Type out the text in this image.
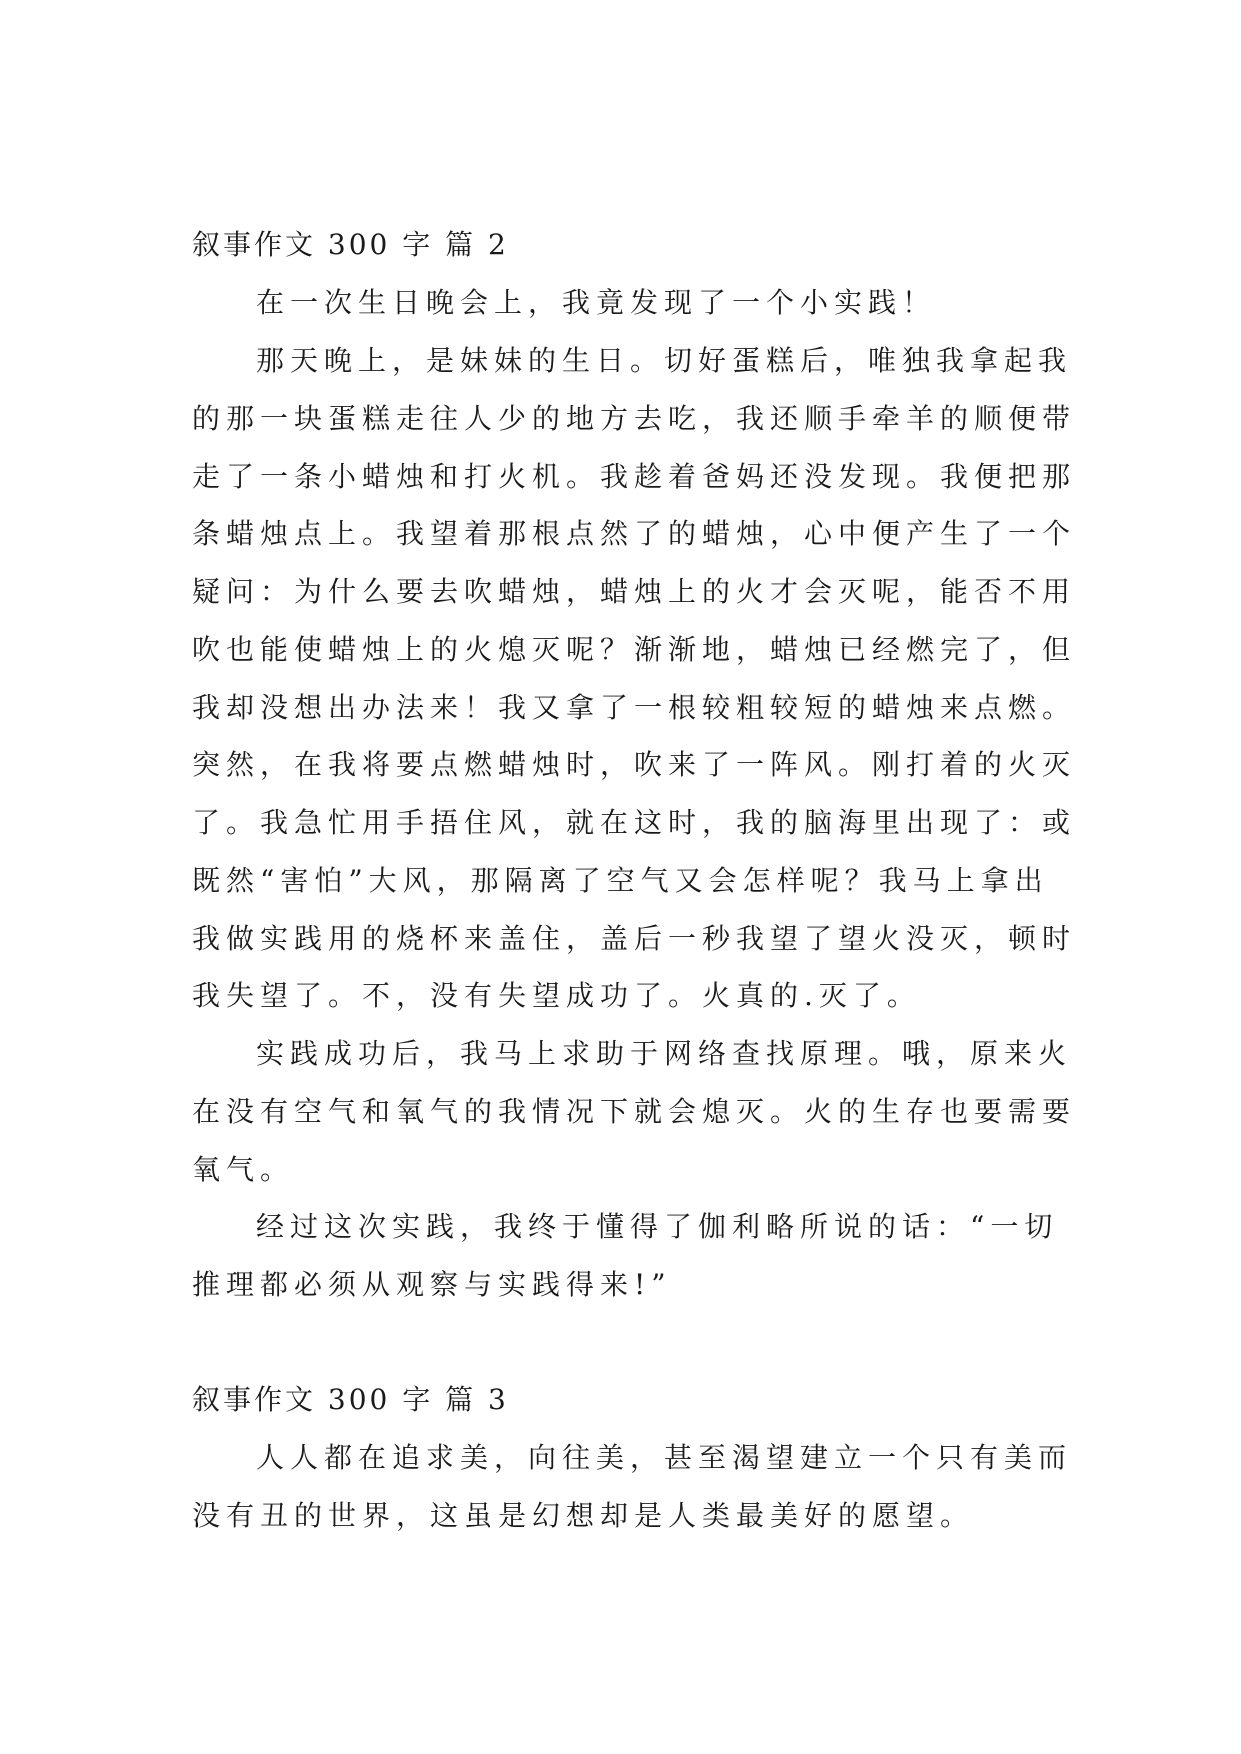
叙事作文 300 字 篇 2
在一次生日晚会上，我竟发现了一个小实践！
那天晚上，是妹妹的生日。切好蛋糕后，唯独我拿起我
的那一块蛋糕走往人少的地方去吃，我还顺手牵羊的顺便带
走了一条小蜡烛和打火机。我趁着爸妈还没发现。我便把那
条蜡烛点上。我望着那根点然了的蜡烛，心中便产生了一个
疑问：为什么要去吹蜡烛，蜡烛上的火才会灭呢，能否不用
吹也能使蜡烛上的火熄灭呢？渐渐地，蜡烛已经燃完了，但
我却没想出办法来！我又拿了一根较粗较短的蜡烛来点燃。
突然，在我将要点燃蜡烛时，吹来了一阵风。刚打着的火灭
了。我急忙用手捂住风，就在这时，我的脑海里出现了：或
既然“害怕”大风，那隔离了空气又会怎样呢？我马上拿出
我做实践用的烧杯来盖住，盖后一秒我望了望火没灭，顿时
我失望了。不，没有失望成功了。火真的.灭了。
实践成功后，我马上求助于网络查找原理。哦，原来火
在没有空气和氧气的我情况下就会熄灭。火的生存也要需要
氧气。
经过这次实践，我终于懂得了伽利略所说的话：“一切
推理都必须从观察与实践得来!”
叙事作文 300 字 篇 3
人人都在追求美，向往美，甚至渴望建立一个只有美而
没有丑的世界，这虽是幻想却是人类最美好的愿望。
